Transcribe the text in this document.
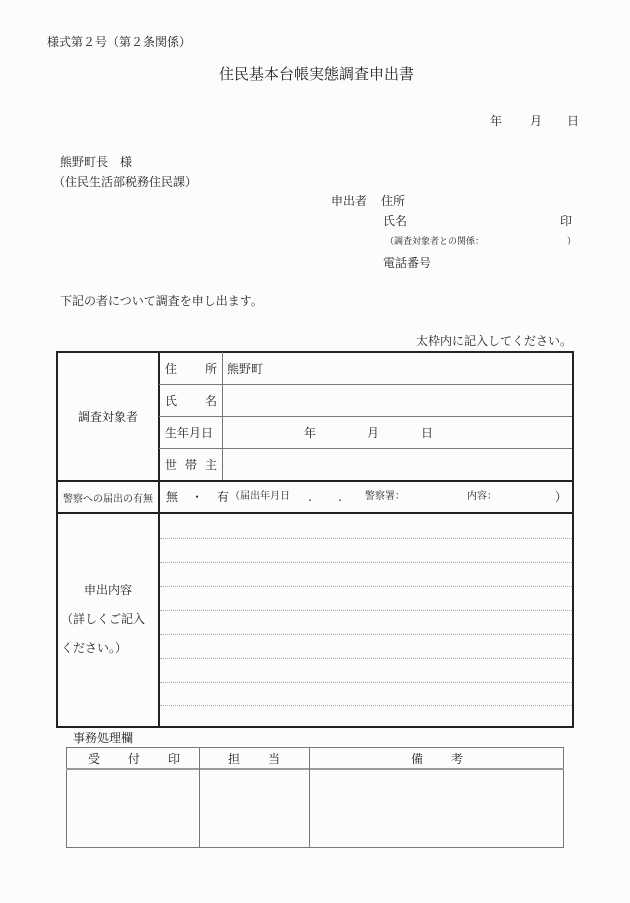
様式第２号（第２条関係）
住民基本台帳実態調査申出書
年 月 日
熊野町長　様
（住民生活部税務住民課）
申出者 住所
氏名	印
（調査対象者との関係：	）
電話番号
下記の者について調査を申し出ます。
太枠内に記入してください。
調査対象者
住 所 熊野町
氏 名
生年月日	年	月	日
世 帯 主
警察への届出の有無	無 ・ 有 （届出年月日 . . 警察署：	内容：	）
申出内容
（詳しくご記入
ください。）
事務処理欄
受 付 印	担 当	備 考
